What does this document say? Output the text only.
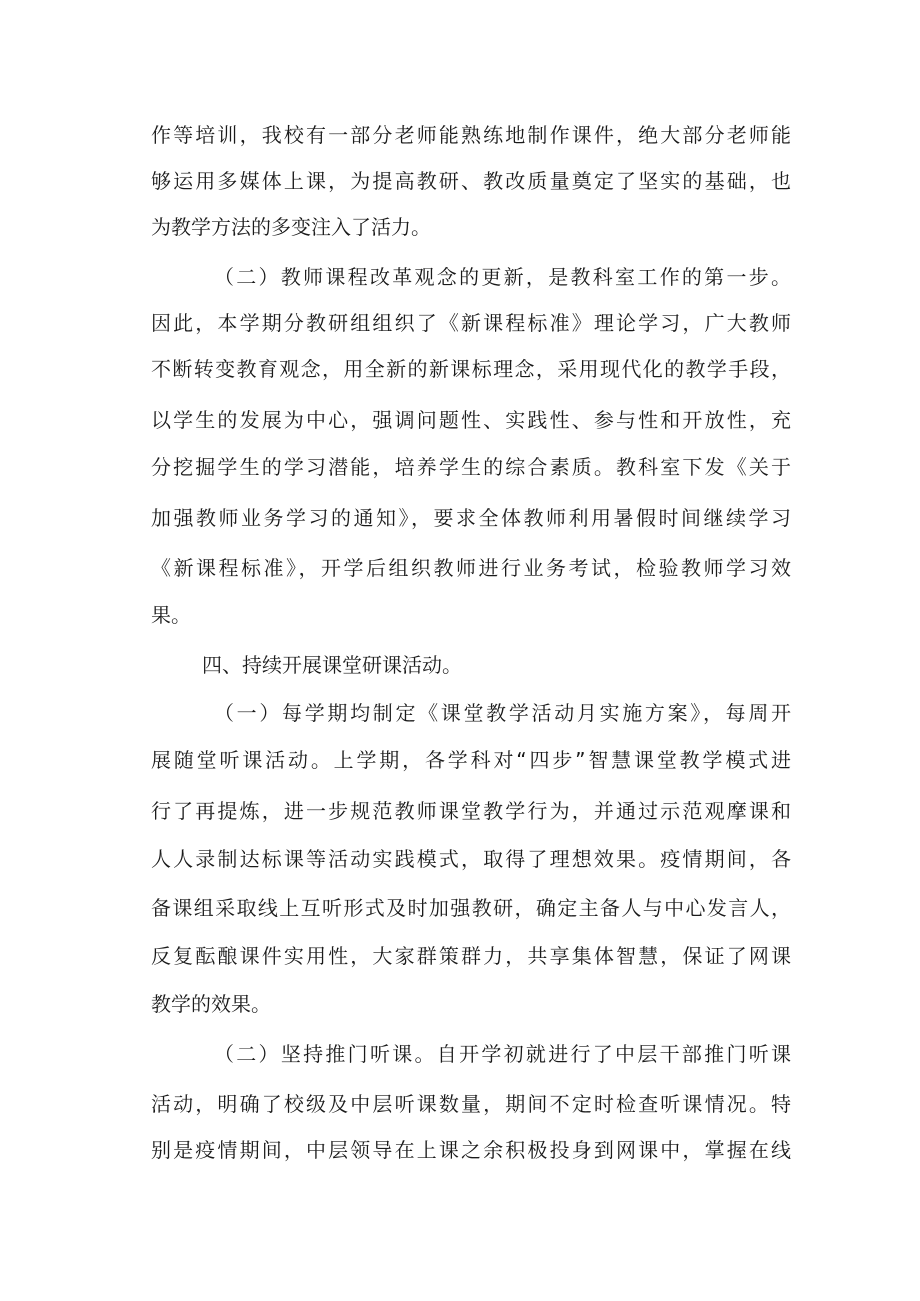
作等培训，我校有一部分老师能熟练地制作课件，绝大部分老师能
够运用多媒体上课，为提高教研、教改质量奠定了坚实的基础，也
为教学方法的多变注入了活力。
（二）教师课程改革观念的更新，是教科室工作的第一步。
因此，本学期分教研组组织了《新课程标准》理论学习，广大教师
不断转变教育观念，用全新的新课标理念，采用现代化的教学手段，
以学生的发展为中心，强调问题性、实践性、参与性和开放性，充
分挖掘学生的学习潜能，培养学生的综合素质。教科室下发《关于
加强教师业务学习的通知》，要求全体教师利用暑假时间继续学习
《新课程标准》，开学后组织教师进行业务考试，检验教师学习效
果。
四、持续开展课堂研课活动。
（一）每学期均制定《课堂教学活动月实施方案》，每周开
展随堂听课活动。上学期，各学科对“四步”智慧课堂教学模式进
行了再提炼，进一步规范教师课堂教学行为，并通过示范观摩课和
人人录制达标课等活动实践模式，取得了理想效果。疫情期间，各
备课组采取线上互听形式及时加强教研，确定主备人与中心发言人，
反复酝酿课件实用性，大家群策群力，共享集体智慧，保证了网课
教学的效果。
（二）坚持推门听课。自开学初就进行了中层干部推门听课
活动，明确了校级及中层听课数量，期间不定时检查听课情况。特
别是疫情期间，中层领导在上课之余积极投身到网课中，掌握在线
